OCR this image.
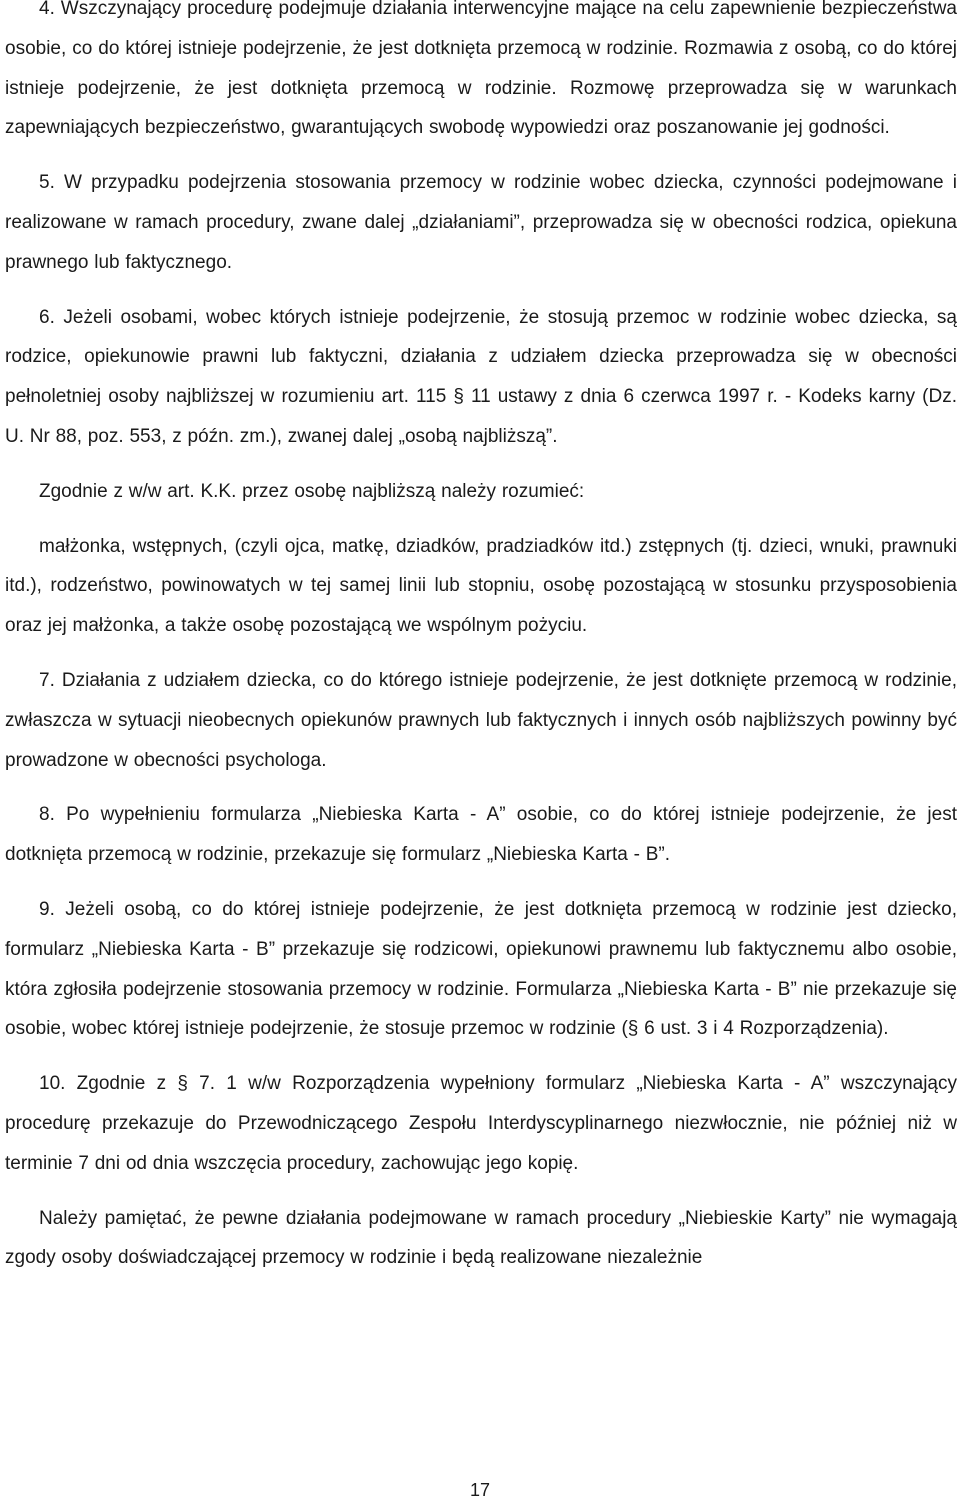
4. Wszczynający procedurę podejmuje działania interwencyjne mające na celu zapewnienie bezpieczeństwa osobie, co do której istnieje podejrzenie, że jest dotknięta przemocą w rodzinie. Rozmawia z osobą, co do której istnieje podejrzenie, że jest dotknięta przemocą w rodzinie. Rozmowę przeprowadza się w warunkach zapewniających bezpieczeństwo, gwarantujących swobodę wypowiedzi oraz poszanowanie jej godności.

5. W przypadku podejrzenia stosowania przemocy w rodzinie wobec dziecka, czynności podejmowane i realizowane w ramach procedury, zwane dalej „działaniami”, przeprowadza się w obecności rodzica, opiekuna prawnego lub faktycznego.

6. Jeżeli osobami, wobec których istnieje podejrzenie, że stosują przemoc w rodzinie wobec dziecka, są rodzice, opiekunowie prawni lub faktyczni, działania z udziałem dziecka przeprowadza się w obecności pełnoletniej osoby najbliższej w rozumieniu art. 115 § 11 ustawy z dnia 6 czerwca 1997 r. - Kodeks karny (Dz. U. Nr 88, poz. 553, z późn. zm.), zwanej dalej „osobą najbliższą”.

Zgodnie z w/w art. K.K. przez osobę najbliższą należy rozumieć:

małżonka, wstępnych, (czyli ojca, matkę, dziadków, pradziadków itd.) zstępnych (tj. dzieci, wnuki, prawnuki itd.), rodzeństwo, powinowatych w tej samej linii lub stopniu, osobę pozostającą w stosunku przysposobienia oraz jej małżonka, a także osobę pozostającą we wspólnym pożyciu.

7. Działania z udziałem dziecka, co do którego istnieje podejrzenie, że jest dotknięte przemocą w rodzinie, zwłaszcza w sytuacji nieobecnych opiekunów prawnych lub faktycznych i innych osób najbliższych powinny być prowadzone w obecności psychologa.

8. Po wypełnieniu formularza „Niebieska Karta - A” osobie, co do której istnieje podejrzenie, że jest dotknięta przemocą w rodzinie, przekazuje się formularz „Niebieska Karta - B”.

9. Jeżeli osobą, co do której istnieje podejrzenie, że jest dotknięta przemocą w rodzinie jest dziecko, formularz „Niebieska Karta - B” przekazuje się rodzicowi, opiekunowi prawnemu lub faktycznemu albo osobie, która zgłosiła podejrzenie stosowania przemocy w rodzinie. Formularza „Niebieska Karta - B” nie przekazuje się osobie, wobec której istnieje podejrzenie, że stosuje przemoc w rodzinie (§ 6 ust. 3 i 4 Rozporządzenia).

10. Zgodnie z § 7. 1 w/w Rozporządzenia wypełniony formularz „Niebieska Karta - A” wszczynający procedurę przekazuje do Przewodniczącego Zespołu Interdyscyplinarnego niezwłocznie, nie później niż w terminie 7 dni od dnia wszczęcia procedury, zachowując jego kopię.

Należy pamiętać, że pewne działania podejmowane w ramach procedury „Niebieskie Karty” nie wymagają zgody osoby doświadczającej przemocy w rodzinie i będą realizowane niezależnie

17
